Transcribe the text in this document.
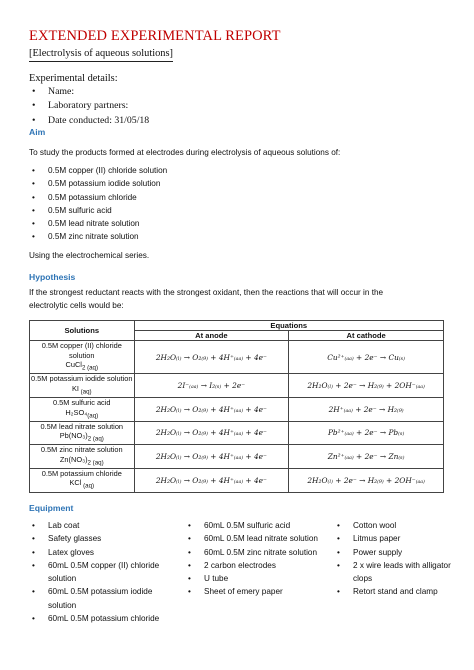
EXTENDED EXPERIMENTAL REPORT
[Electrolysis of aqueous solutions]
Experimental details:
• Name:
• Laboratory partners:
• Date conducted: 31/05/18
Aim
To study the products formed at electrodes during electrolysis of aqueous solutions of:
• 0.5M copper (II) chloride solution
• 0.5M potassium iodide solution
• 0.5M potassium chloride
• 0.5M sulfuric acid
• 0.5M lead nitrate solution
• 0.5M zinc nitrate solution
Using the electrochemical series.
Hypothesis
If the strongest reductant reacts with the strongest oxidant, then the reactions that will occur in the
electrolytic cells would be:
Solutions	Equations	
	At anode	At cathode

0.5M copper (II) chloride solution
CuCl$_{2 (aq)}$	2H₂O₍ₗ₎ → O₂₍₉₎ + 4H⁺₍ₐₐ₎ + 4e⁻	Cu²⁺₍ₐₐ₎ + 2e⁻ → Cu₍ₛ₎

0.5M potassium iodide solution
KI $_{(aq)}$	2I⁻₍ₐₐ₎ → I₂₍ₛ₎ + 2e⁻	2H₂O₍ₗ₎ + 2e⁻ → H₂₍₉₎ + 2OH⁻₍ₐₐ₎

0.5M sulfuric acid
$H_2SO_4_{(aq)}$	2H₂O₍ₗ₎ → O₂₍₉₎ + 4H⁺₍ₐₐ₎ + 4e⁻	2H⁺₍ₐₐ₎ + 2e⁻ → H₂₍₉₎

0.5M lead nitrate solution
$Pb(NO_3)_{2 (aq)}$	2H₂O₍ₗ₎ → O₂₍₉₎ + 4H⁺₍ₐₐ₎ + 4e⁻	Pb²⁺₍ₐₐ₎ + 2e⁻ → Pb₍ₛ₎

0.5M zinc nitrate solution
$Zn(NO_3)_{2 (aq)}$	2H₂O₍ₗ₎ → O₂₍₉₎ + 4H⁺₍ₐₐ₎ + 4e⁻	Zn²⁺₍ₐₐ₎ + 2e⁻ → Zn₍ₛ₎

0.5M potassium chloride
KCl $_{(aq)}$	2H₂O₍ₗ₎ → O₂₍₉₎ + 4H⁺₍ₐₐ₎ + 4e⁻	2H₂O₍ₗ₎ + 2e⁻ → H₂₍₉₎ + 2OH⁻₍ₐₐ₎
Equipment
• Lab coat
• Safety glasses
• Latex gloves
• 60mL 0.5M copper (II) chloride solution
• 60mL 0.5M potassium iodide solution
• 60mL 0.5M potassium chloride
• 60mL 0.5M sulfuric acid
• 60mL 0.5M lead nitrate solution
• 60mL 0.5M zinc nitrate solution
• 2 carbon electrodes
• U tube
• Sheet of emery paper
• Cotton wool
• Litmus paper
• Power supply
• 2 x wire leads with alligator clops
• Retort stand and clamp
